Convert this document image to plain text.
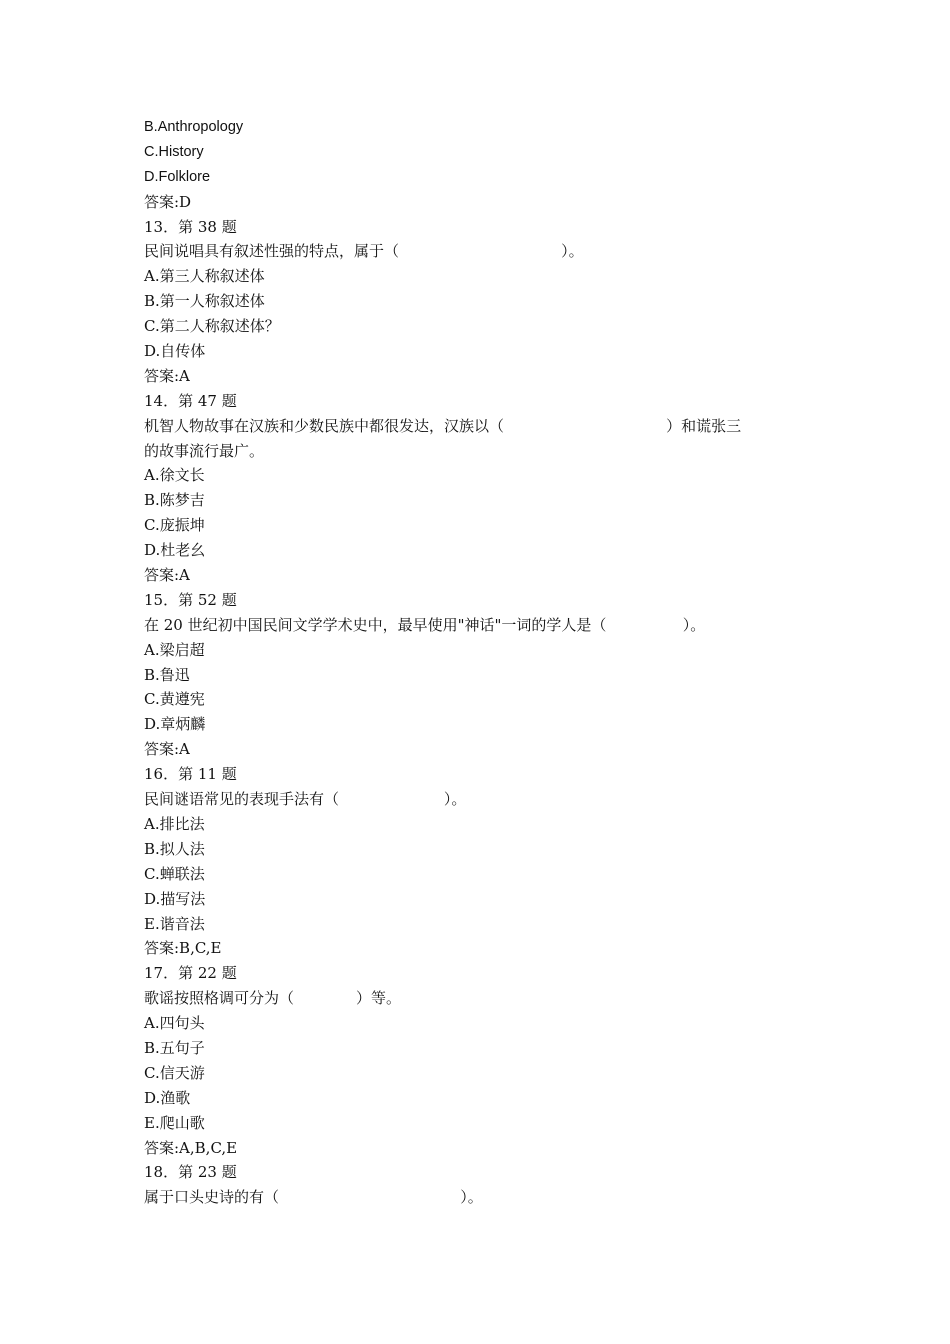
B.Anthropology
C.History
D.Folklore
答案:D
13．第 38 题
民间说唱具有叙述性强的特点，属于（                                  ）。
A.第三人称叙述体
B.第一人称叙述体
C.第二人称叙述体？
D.自传体
答案:A
14．第 47 题
机智人物故事在汉族和少数民族中都很发达，汉族以（                                  ）和谎张三
的故事流行最广。
A.徐文长
B.陈梦吉
C.庞振坤
D.杜老幺
答案:A
15．第 52 题
在 20 世纪初中国民间文学学术史中，最早使用"神话"一词的学人是（                ）。
A.梁启超
B.鲁迅
C.黄遵宪
D.章炳麟
答案:A
16．第 11 题
民间谜语常见的表现手法有（                      ）。
A.排比法
B.拟人法
C.蝉联法
D.描写法
E.谐音法
答案:B,C,E
17．第 22 题
歌谣按照格调可分为（             ）等。
A.四句头
B.五句子
C.信天游
D.渔歌
E.爬山歌
答案:A,B,C,E
18．第 23 题
属于口头史诗的有（                                      ）。
